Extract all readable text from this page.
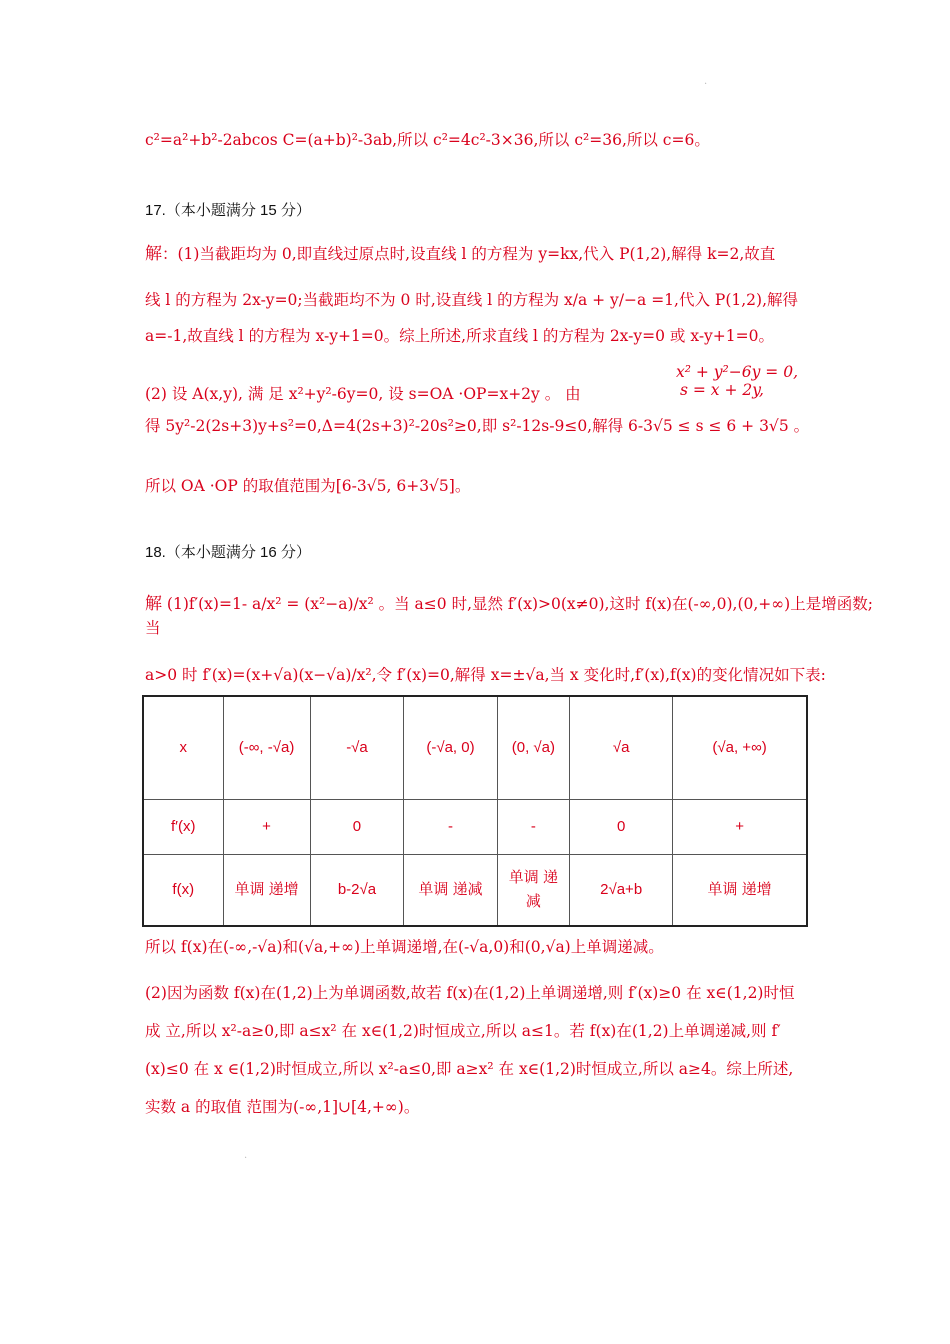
.
c²=a²+b²-2abcos C=(a+b)²-3ab,所以 c²=4c²-3×36,所以 c²=36,所以 c=6。
17.（本小题满分 15 分）
解：(1)当截距均为 0,即直线过原点时,设直线 l 的方程为 y=kx,代入 P(1,2),解得 k=2,故直
线 l 的方程为 2x-y=0;当截距均不为 0 时,设直线 l 的方程为 x/a + y/−a =1,代入 P(1,2),解得
a=-1,故直线 l 的方程为 x-y+1=0。综上所述,所求直线 l 的方程为 2x-y=0 或 x-y+1=0。
x² + y²−6y = 0,
s = x + 2y,
(2) 设 A(x,y), 满 足 x²+y²-6y=0, 设 s=OA ·OP=x+2y 。 由
得 5y²-2(2s+3)y+s²=0,Δ=4(2s+3)²-20s²≥0,即 s²-12s-9≤0,解得 6-3√5 ≤ s ≤ 6 + 3√5 。
所以 OA ·OP 的取值范围为[6-3√5, 6+3√5]。
18.（本小题满分 16 分）
解 (1)f′(x)=1- a/x² = (x²−a)/x² 。当 a≤0 时,显然 f′(x)>0(x≠0),这时 f(x)在(-∞,0),(0,+∞)上是增函数;
当
a>0 时 f′(x)=(x+√a)(x−√a)/x²,令 f′(x)=0,解得 x=±√a,当 x 变化时,f′(x),f(x)的变化情况如下表:
x	(-∞, -√a)	-√a	(-√a, 0)	(0, √a)	√a	(√a, +∞)
f′(x)	+	0	-	-	0	+
f(x)	单调 递增	b-2√a	单调 递减	单调 递减	2√a+b	单调 递增
所以 f(x)在(-∞,-√a)和(√a,+∞)上单调递增,在(-√a,0)和(0,√a)上单调递减。
(2)因为函数 f(x)在(1,2)上为单调函数,故若 f(x)在(1,2)上单调递增,则 f′(x)≥0 在 x∈(1,2)时恒
成 立,所以 x²-a≥0,即 a≤x² 在 x∈(1,2)时恒成立,所以 a≤1。若 f(x)在(1,2)上单调递减,则 f′
(x)≤0 在 x ∈(1,2)时恒成立,所以 x²-a≤0,即 a≥x² 在 x∈(1,2)时恒成立,所以 a≥4。综上所述,
实数 a 的取值 范围为(-∞,1]∪[4,+∞)。
.
